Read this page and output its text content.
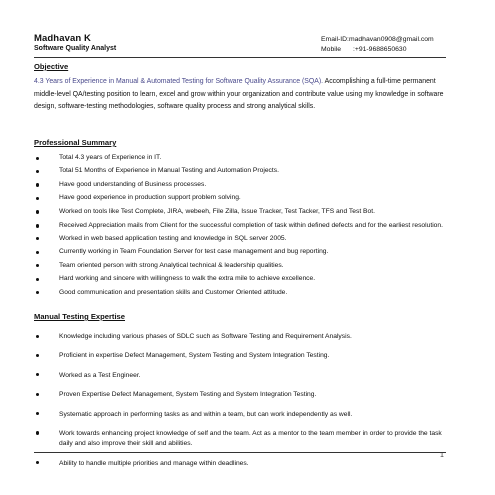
Madhavan K
Software Quality Analyst
Email-ID:madhavan0908@gmail.com
Mobile :+91-9688650630
Objective
4.3 Years of Experience in Manual & Automated Testing for Software Quality Assurance (SQA). Accomplishing a full-time permanent middle-level QA/testing position to learn, excel and grow within your organization and contribute value using my knowledge in software design, software-testing methodologies, software quality process and strong analytical skills.
Professional Summary
Total 4.3 years of Experience in IT.
Total 51 Months of Experience in Manual Testing and Automation Projects.
Have good understanding of Business processes.
Have good experience in production support problem solving.
Worked on tools like Test Complete, JIRA, webeeh, File Zilla, Issue Tracker, Test Tacker, TFS and Test Bot.
Received Appreciation mails from Client for the successful completion of task within defined defects and for the earliest resolution.
Worked in web based application testing and knowledge in SQL server 2005.
Currently working in Team Foundation Server for test case management and bug reporting.
Team oriented person with strong Analytical technical & leadership qualities.
Hard working and sincere with willingness to walk the extra mile to achieve excellence.
Good communication and presentation skills and Customer Oriented attitude.
Manual Testing Expertise
Knowledge including various phases of SDLC such as Software Testing and Requirement Analysis.
Proficient in expertise Defect Management, System Testing and System Integration Testing.
Worked as a Test Engineer.
Proven Expertise Defect Management, System Testing and System Integration Testing.
Systematic approach in performing tasks as and within a team, but can work independently as well.
Work towards enhancing project knowledge of self and the team. Act as a mentor to the team member in order to provide the task daily and also improve their skill and abilities.
Ability to handle multiple priorities and manage within deadlines.
1
